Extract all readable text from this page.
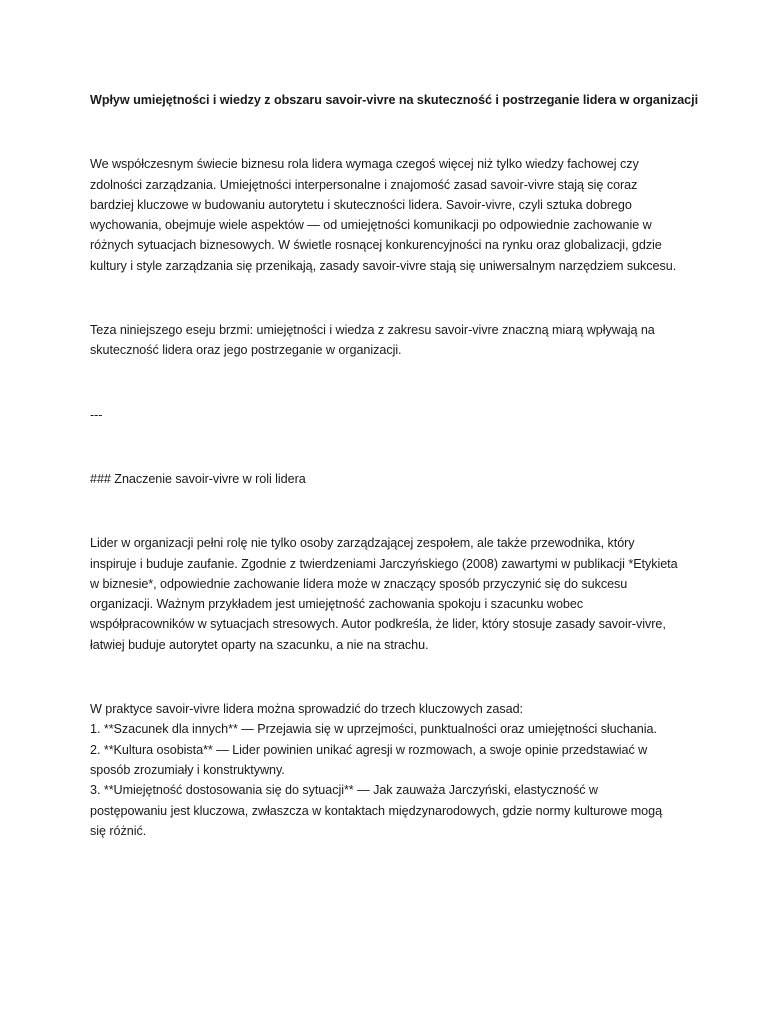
Wpływ umiejętności i wiedzy z obszaru savoir-vivre na skuteczność i postrzeganie lidera w organizacji

We współczesnym świecie biznesu rola lidera wymaga czegoś więcej niż tylko wiedzy fachowej czy zdolności zarządzania. Umiejętności interpersonalne i znajomość zasad savoir-vivre stają się coraz bardziej kluczowe w budowaniu autorytetu i skuteczności lidera. Savoir-vivre, czyli sztuka dobrego wychowania, obejmuje wiele aspektów — od umiejętności komunikacji po odpowiednie zachowanie w różnych sytuacjach biznesowych. W świetle rosnącej konkurencyjności na rynku oraz globalizacji, gdzie kultury i style zarządzania się przenikają, zasady savoir-vivre stają się uniwersalnym narzędziem sukcesu.

Teza niniejszego eseju brzmi: umiejętności i wiedza z zakresu savoir-vivre znaczną miarą wpływają na skuteczność lidera oraz jego postrzeganie w organizacji.

---

### Znaczenie savoir-vivre w roli lidera

Lider w organizacji pełni rolę nie tylko osoby zarządzającej zespołem, ale także przewodnika, który inspiruje i buduje zaufanie. Zgodnie z twierdzeniami Jarczyńskiego (2008) zawartymi w publikacji *Etykieta w biznesie*, odpowiednie zachowanie lidera może w znaczący sposób przyczynić się do sukcesu organizacji. Ważnym przykładem jest umiejętność zachowania spokoju i szacunku wobec współpracowników w sytuacjach stresowych. Autor podkreśla, że lider, który stosuje zasady savoir-vivre, łatwiej buduje autorytet oparty na szacunku, a nie na strachu.

W praktyce savoir-vivre lidera można sprowadzić do trzech kluczowych zasad:

1. **Szacunek dla innych** — Przejawia się w uprzejmości, punktualności oraz umiejętności słuchania.

2. **Kultura osobista** — Lider powinien unikać agresji w rozmowach, a swoje opinie przedstawiać w sposób zrozumiały i konstruktywny.

3. **Umiejętność dostosowania się do sytuacji** — Jak zauważa Jarczyński, elastyczność w postępowaniu jest kluczowa, zwłaszcza w kontaktach międzynarodowych, gdzie normy kulturowe mogą się różnić.
